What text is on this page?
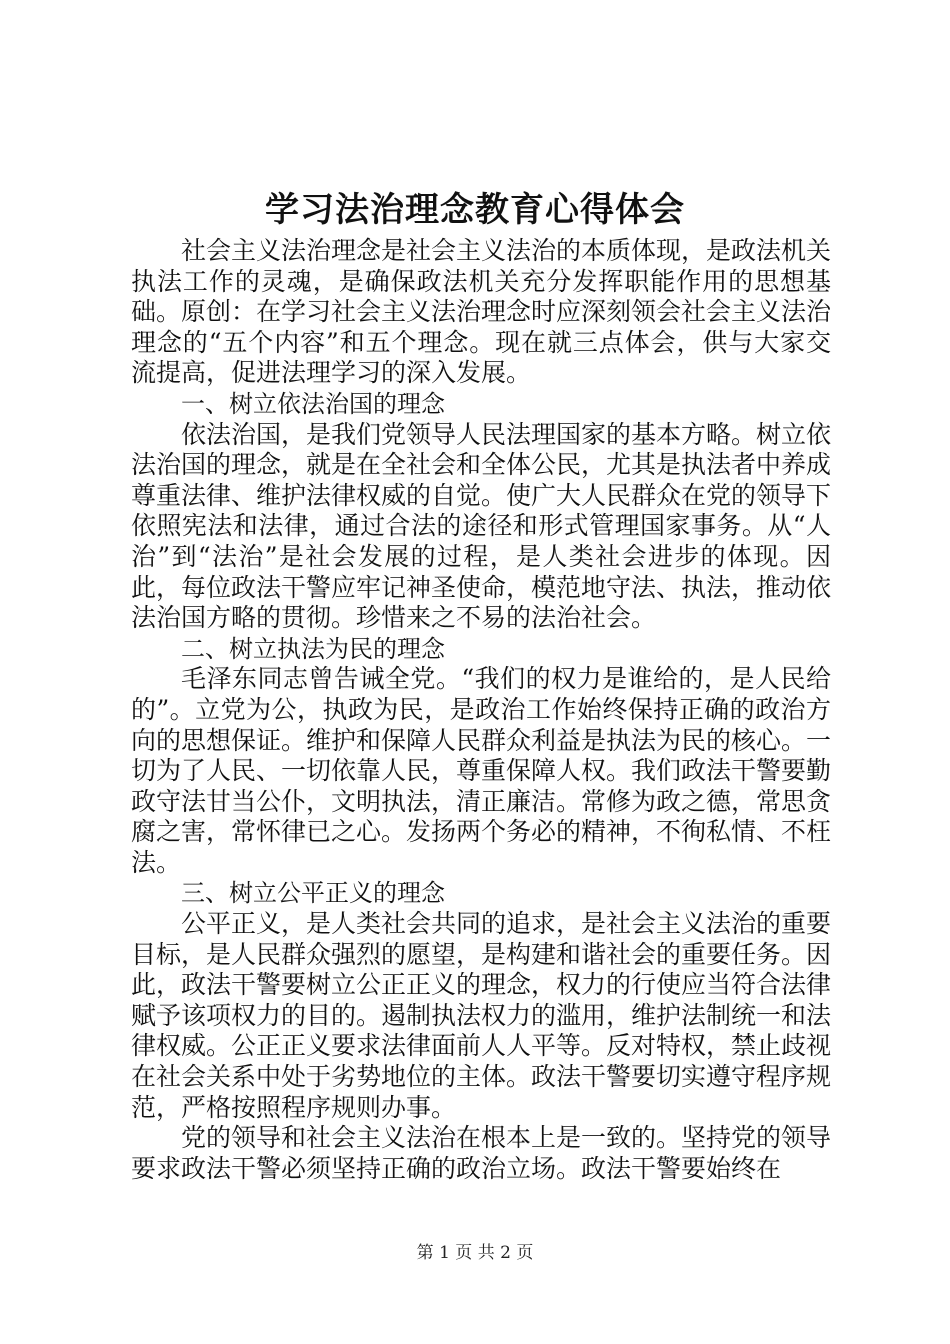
学习法治理念教育心得体会

社会主义法治理念是社会主义法治的本质体现，是政法机关执法工作的灵魂，是确保政法机关充分发挥职能作用的思想基础。原创：在学习社会主义法治理念时应深刻领会社会主义法治理念的“五个内容”和五个理念。现在就三点体会，供与大家交流提高，促进法理学习的深入发展。

一、树立依法治国的理念

依法治国，是我们党领导人民法理国家的基本方略。树立依法治国的理念，就是在全社会和全体公民，尤其是执法者中养成尊重法律、维护法律权威的自觉。使广大人民群众在党的领导下依照宪法和法律，通过合法的途径和形式管理国家事务。从“人治”到“法治”是社会发展的过程，是人类社会进步的体现。因此，每位政法干警应牢记神圣使命，模范地守法、执法，推动依法治国方略的贯彻。珍惜来之不易的法治社会。

二、树立执法为民的理念

毛泽东同志曾告诫全党。“我们的权力是谁给的，是人民给的”。立党为公，执政为民，是政治工作始终保持正确的政治方向的思想保证。维护和保障人民群众利益是执法为民的核心。一切为了人民、一切依靠人民，尊重保障人权。我们政法干警要勤政守法甘当公仆，文明执法，清正廉洁。常修为政之德，常思贪腐之害，常怀律已之心。发扬两个务必的精神，不徇私情、不枉法。

三、树立公平正义的理念

公平正义，是人类社会共同的追求，是社会主义法治的重要目标，是人民群众强烈的愿望，是构建和谐社会的重要任务。因此，政法干警要树立公正正义的理念，权力的行使应当符合法律赋予该项权力的目的。遏制执法权力的滥用，维护法制统一和法律权威。公正正义要求法律面前人人平等。反对特权，禁止歧视在社会关系中处于劣势地位的主体。政法干警要切实遵守程序规范，严格按照程序规则办事。

党的领导和社会主义法治在根本上是一致的。坚持党的领导要求政法干警必须坚持正确的政治立场。政法干警要始终在

第 1 页 共 2 页
